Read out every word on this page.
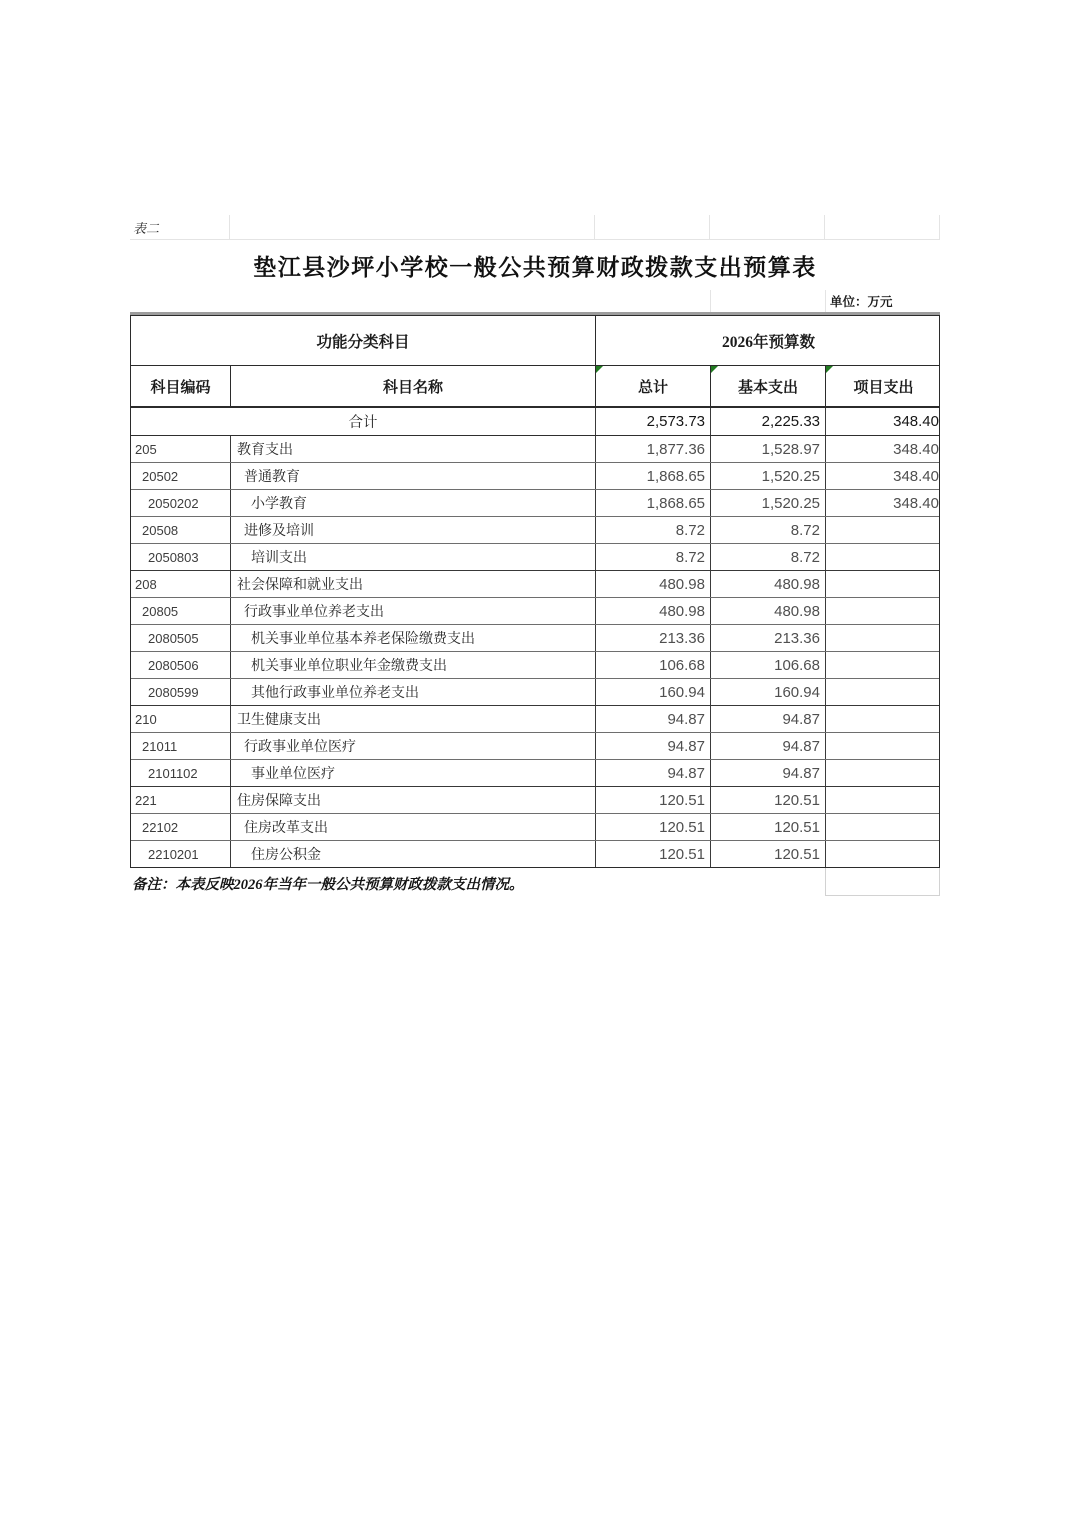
表二
垫江县沙坪小学校一般公共预算财政拨款支出预算表
单位：万元
功能分类科目	2026年预算数
科目编码	科目名称	总计	基本支出	项目支出
合计	2,573.73	2,225.33	348.40
205	教育支出	1,877.36	1,528.97	348.40
20502	普通教育	1,868.65	1,520.25	348.40
2050202	小学教育	1,868.65	1,520.25	348.40
20508	进修及培训	8.72	8.72
2050803	培训支出	8.72	8.72
208	社会保障和就业支出	480.98	480.98
20805	行政事业单位养老支出	480.98	480.98
2080505	机关事业单位基本养老保险缴费支出	213.36	213.36
2080506	机关事业单位职业年金缴费支出	106.68	106.68
2080599	其他行政事业单位养老支出	160.94	160.94
210	卫生健康支出	94.87	94.87
21011	行政事业单位医疗	94.87	94.87
2101102	事业单位医疗	94.87	94.87
221	住房保障支出	120.51	120.51
22102	住房改革支出	120.51	120.51
2210201	住房公积金	120.51	120.51
备注：本表反映2026年当年一般公共预算财政拨款支出情况。
